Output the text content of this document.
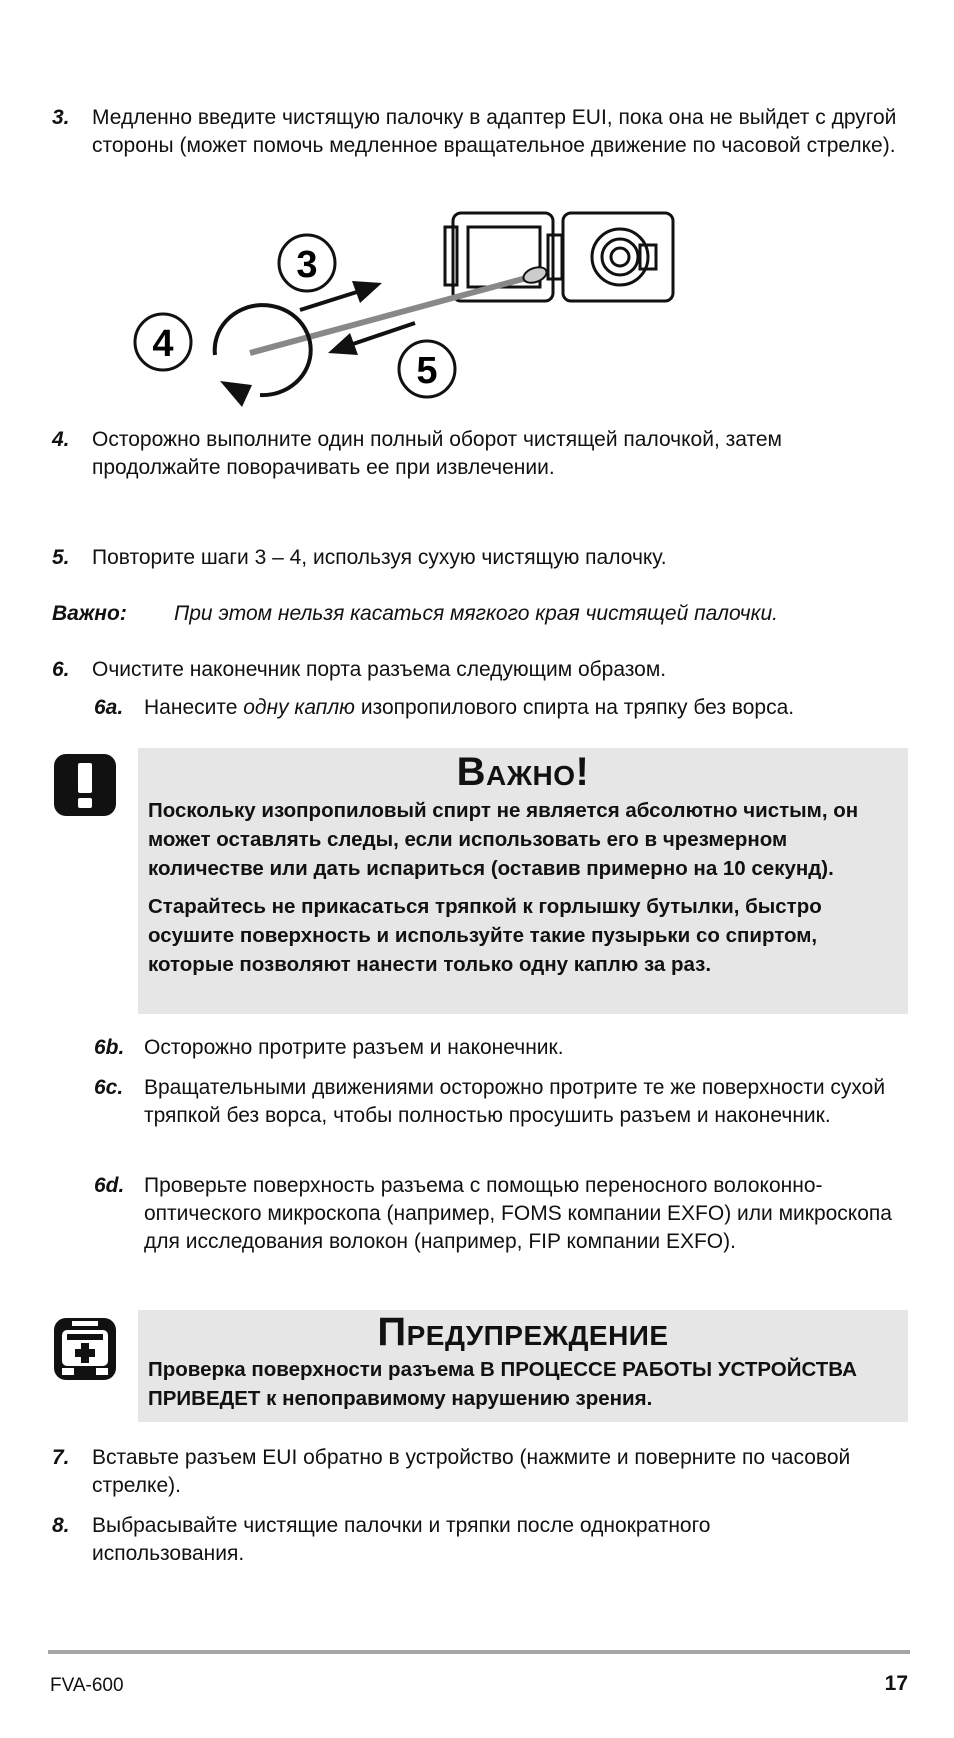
3. Медленно введите чистящую палочку в адаптер EUI, пока она не выйдет с другой стороны (может помочь медленное вращательное движение по часовой стрелке).
3
4
5
4. Осторожно выполните один полный оборот чистящей палочкой, затем продолжайте поворачивать ее при извлечении.
5. Повторите шаги 3 – 4, используя сухую чистящую палочку.
Важно: При этом нельзя касаться мягкого края чистящей палочки.
6. Очистите наконечник порта разъема следующим образом.
6a. Нанесите одну каплю изопропилового спирта на тряпку без ворса.
Важно!
Поскольку изопропиловый спирт не является абсолютно чистым, он может оставлять следы, если использовать его в чрезмерном количестве или дать испариться (оставив примерно на 10 секунд).
Старайтесь не прикасаться тряпкой к горлышку бутылки, быстро осушите поверхность и используйте такие пузырьки со спиртом, которые позволяют нанести только одну каплю за раз.
6b. Осторожно протрите разъем и наконечник.
6c. Вращательными движениями осторожно протрите те же поверхности сухой тряпкой без ворса, чтобы полностью просушить разъем и наконечник.
6d. Проверьте поверхность разъема с помощью переносного волоконно-оптического микроскопа (например, FOMS компании EXFO) или микроскопа для исследования волокон (например, FIP компании EXFO).
Предупреждение
Проверка поверхности разъема В ПРОЦЕССЕ РАБОТЫ УСТРОЙСТВА ПРИВЕДЕТ к непоправимому нарушению зрения.
7. Вставьте разъем EUI обратно в устройство (нажмите и поверните по часовой стрелке).
8. Выбрасывайте чистящие палочки и тряпки после однократного использования.
FVA-600	17
